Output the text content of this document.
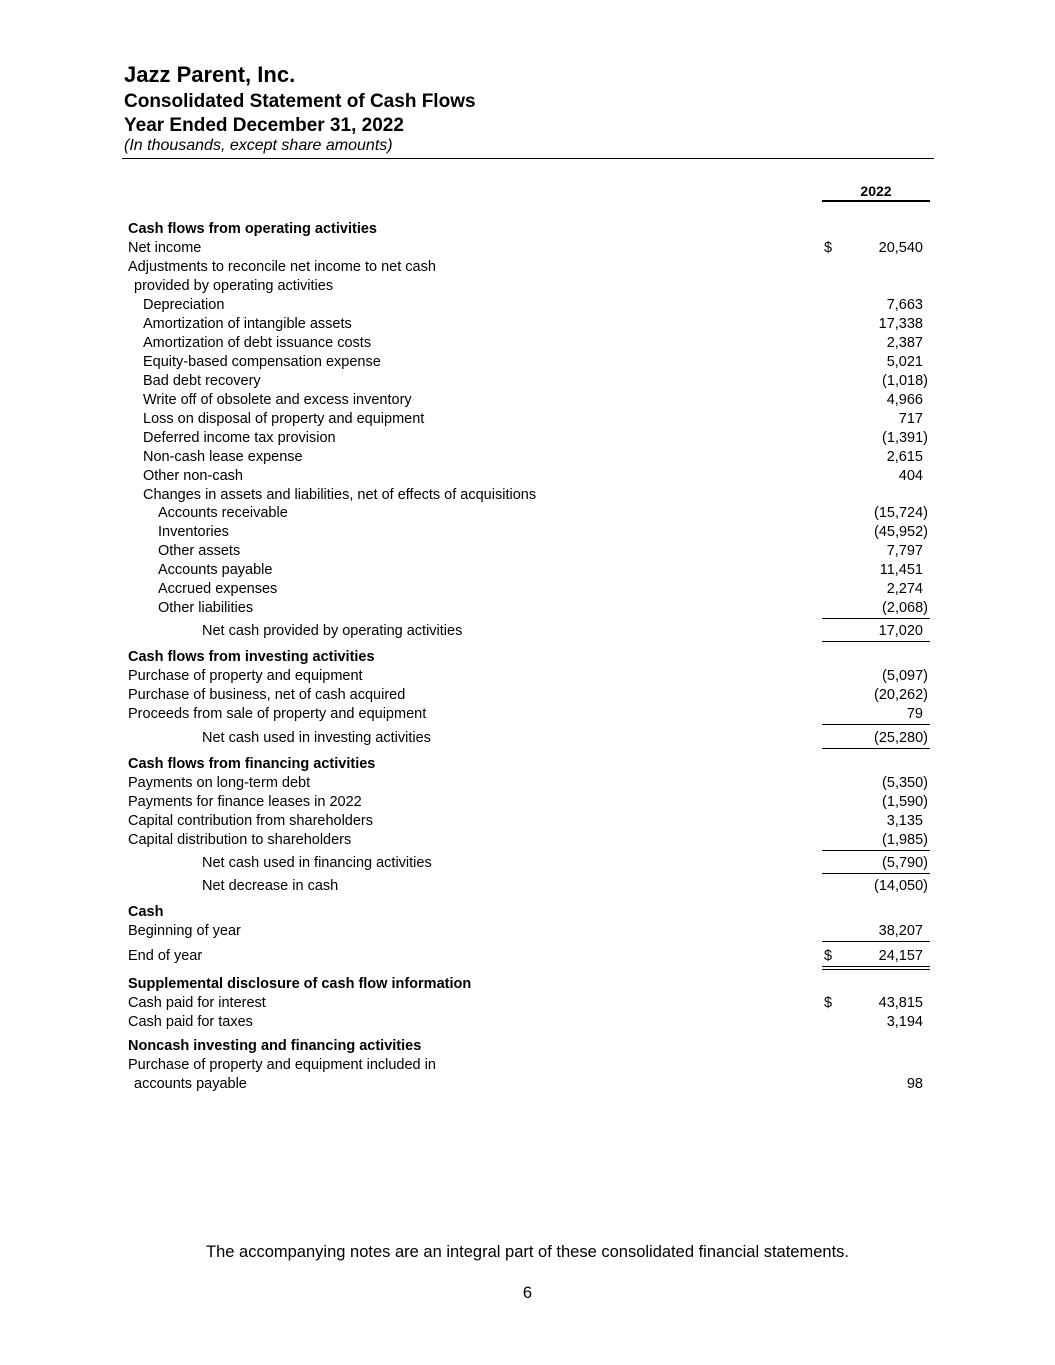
Jazz Parent, Inc.
Consolidated Statement of Cash Flows
Year Ended December 31, 2022
(In thousands, except share amounts)
2022
Cash flows from operating activities
Net income	$	20,540
Adjustments to reconcile net income to net cash
provided by operating activities
Depreciation	7,663
Amortization of intangible assets	17,338
Amortization of debt issuance costs	2,387
Equity-based compensation expense	5,021
Bad debt recovery	(1,018)
Write off of obsolete and excess inventory	4,966
Loss on disposal of property and equipment	717
Deferred income tax provision	(1,391)
Non-cash lease expense	2,615
Other non-cash	404
Changes in assets and liabilities, net of effects of acquisitions
Accounts receivable	(15,724)
Inventories	(45,952)
Other assets	7,797
Accounts payable	11,451
Accrued expenses	2,274
Other liabilities	(2,068)
Net cash provided by operating activities	17,020
Cash flows from investing activities
Purchase of property and equipment	(5,097)
Purchase of business, net of cash acquired	(20,262)
Proceeds from sale of property and equipment	79
Net cash used in investing activities	(25,280)
Cash flows from financing activities
Payments on long-term debt	(5,350)
Payments for finance leases in 2022	(1,590)
Capital contribution from shareholders	3,135
Capital distribution to shareholders	(1,985)
Net cash used in financing activities	(5,790)
Net decrease in cash	(14,050)
Cash
Beginning of year	38,207
End of year	$	24,157
Supplemental disclosure of cash flow information
Cash paid for interest	$	43,815
Cash paid for taxes	3,194
Noncash investing and financing activities
Purchase of property and equipment included in
accounts payable	98
The accompanying notes are an integral part of these consolidated financial statements.
6
